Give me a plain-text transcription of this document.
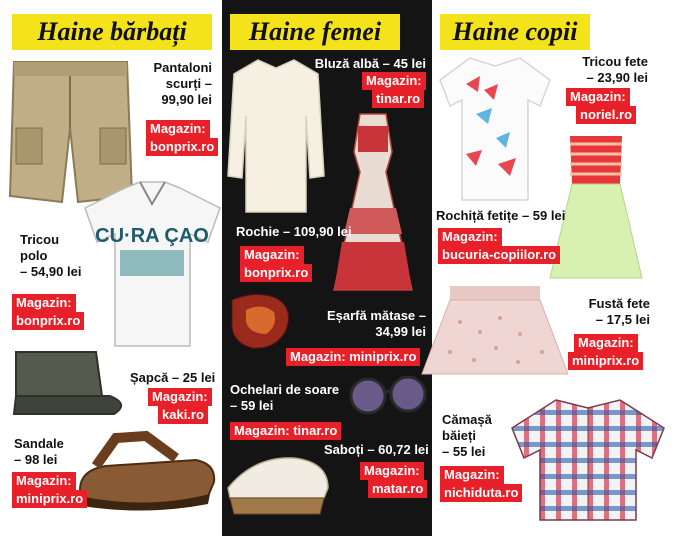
Haine bărbați	Haine femei	Haine copii
Pantaloni
scurți –
99,90 lei
Magazin:
bonprix.ro
CU·RA ÇAO
Tricou
polo
– 54,90 lei
Magazin:
bonprix.ro
Șapcă – 25 lei
Magazin:
kaki.ro
Sandale
– 98 lei
Magazin:
miniprix.ro
Bluză albă – 45 lei
Magazin:
tinar.ro
Rochie – 109,90 lei
Magazin:
bonprix.ro
Eșarfă mătase –
34,99 lei
Magazin: miniprix.ro
Ochelari de soare
– 59 lei
Magazin: tinar.ro
Saboți – 60,72 lei
Magazin:
matar.ro
Tricou fete
– 23,90 lei
Magazin:
noriel.ro
Rochiță fetițe – 59 lei
Magazin:
bucuria-copiilor.ro
Fustă fete
– 17,5 lei
Magazin:
miniprix.ro
Cămașă
băieți
– 55 lei
Magazin:
nichiduta.ro
